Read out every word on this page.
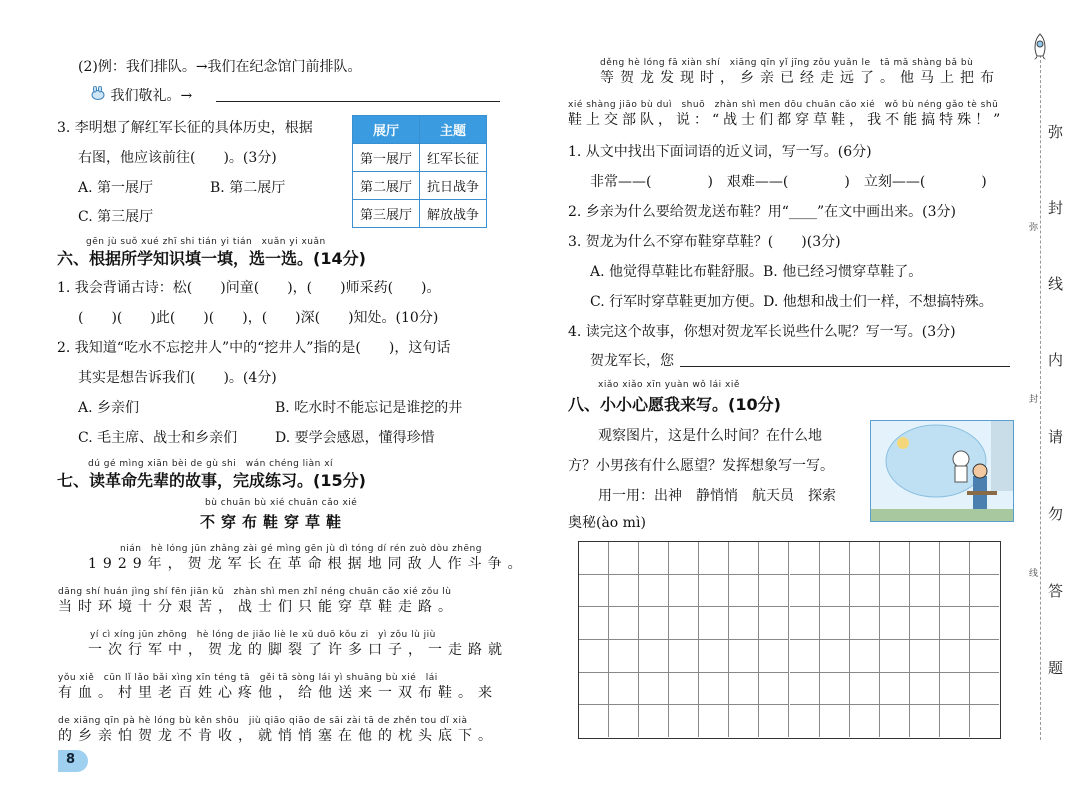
(2)例：我们排队。→我们在纪念馆门前排队。
我们敬礼。→
3. 李明想了解红军长征的具体历史，根据
右图，他应该前往(　　)。(3分)
A. 第一展厅	B. 第二展厅
C. 第三展厅
展厅	主题
第一展厅	红军长征
第二展厅	抗日战争
第三展厅	解放战争
gēn jù suǒ xué zhī shi tián yi tián　xuǎn yi xuǎn
六、根据所学知识填一填，选一选。(14分)
1. 我会背诵古诗：松(　　)问童(　　)，(　　)师采药(　　)。
(　　)(　　)此(　　)(　　)，(　　)深(　　)知处。(10分)
2. 我知道“吃水不忘挖井人”中的“挖井人”指的是(　　)，这句话
其实是想告诉我们(　　)。(4分)
A. 乡亲们	B. 吃水时不能忘记是谁挖的井
C. 毛主席、战士和乡亲们	D. 要学会感恩，懂得珍惜
dú gé mìng xiān bèi de gù shi　wán chéng liàn xí
七、读革命先辈的故事，完成练习。(15分)
bù chuān bù xié chuān cǎo xié
不穿布鞋穿草鞋
nián　hè lóng jūn zhǎng zài gé mìng gēn jù dì tóng dí rén zuò dòu zhēng
1929年，贺龙军长在革命根据地同敌人作斗争。
dāng shí huán jìng shí fēn jiān kǔ　zhàn shì men zhǐ néng chuān cǎo xié zǒu lù
当时环境十分艰苦，战士们只能穿草鞋走路。
yí cì xíng jūn zhōng　hè lóng de jiǎo liè le xǔ duō kǒu zi　yì zǒu lù jiù
一次行军中，贺龙的脚裂了许多口子，一走路就
yǒu xiě　cūn lǐ lǎo bǎi xìng xīn téng tā　gěi tā sòng lái yì shuāng bù xié　lái
有血。村里老百姓心疼他，给他送来一双布鞋。来
de xiāng qīn pà hè lóng bù kěn shōu　jiù qiāo qiāo de sāi zài tā de zhěn tou dǐ xià
的乡亲怕贺龙不肯收，就悄悄塞在他的枕头底下。
8
děng hè lóng fā xiàn shí　xiāng qīn yǐ jīng zǒu yuǎn le　tā mǎ shàng bǎ bù
等贺龙发现时，乡亲已经走远了。他马上把布
xié shàng jiāo bù duì　shuō　zhàn shì men dōu chuān cǎo xié　wǒ bù néng gǎo tè shū
鞋上交部队，说：“战士们都穿草鞋，我不能搞特殊！”
1. 从文中找出下面词语的近义词，写一写。(6分)
非常——(　　　　)　艰难——(　　　　)　立刻——(　　　　)
2. 乡亲为什么要给贺龙送布鞋？用“____”在文中画出来。(3分)
3. 贺龙为什么不穿布鞋穿草鞋？(　　)(3分)
A. 他觉得草鞋比布鞋舒服。B. 他已经习惯穿草鞋了。
C. 行军时穿草鞋更加方便。D. 他想和战士们一样，不想搞特殊。
4. 读完这个故事，你想对贺龙军长说些什么呢？写一写。(3分)
贺龙军长，您
xiǎo xiǎo xīn yuàn wǒ lái xiě
八、小小心愿我来写。(10分)
观察图片，这是什么时间？在什么地
方？小男孩有什么愿望？发挥想象写一写。
用一用：出神　静悄悄　航天员　探索
奥秘(ào mì)
弥
封
线
内
请
勿
答
题
弥
封
线
